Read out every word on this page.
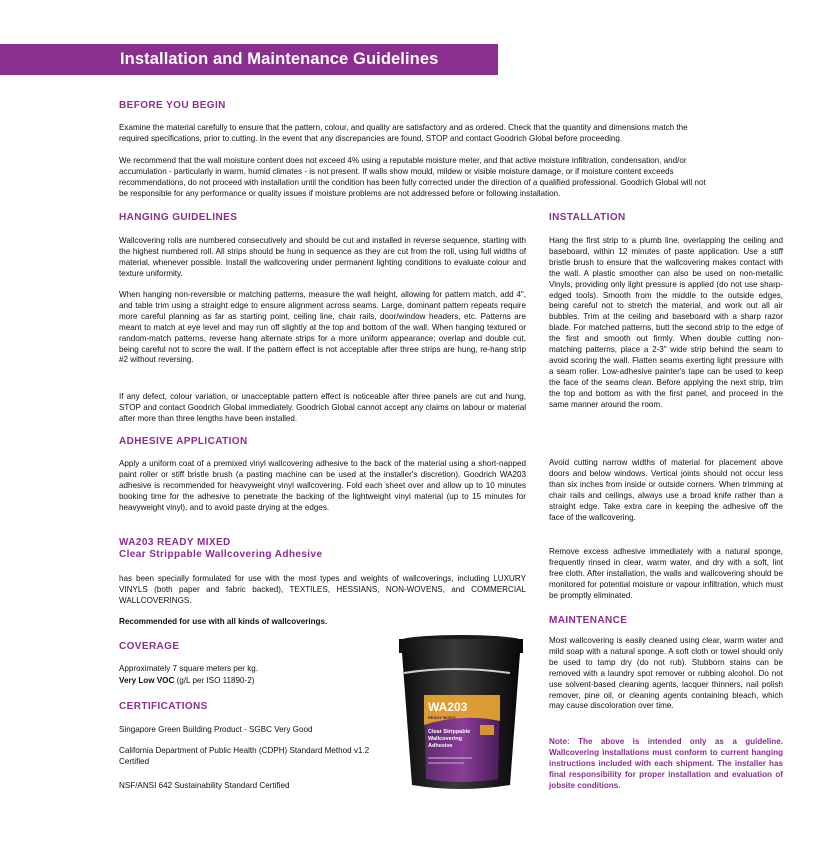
Installation and Maintenance Guidelines
BEFORE YOU BEGIN

Examine the material carefully to ensure that the pattern, colour, and quality are satisfactory and as ordered. Check that the quantity and dimensions match the required specifications, prior to cutting. In the event that any discrepancies are found, STOP and contact Goodrich Global before proceeding.

We recommend that the wall moisture content does not exceed 4% using a reputable moisture meter, and that active moisture infiltration, condensation, and/or accumulation - particularly in warm, humid climates - is not present. If walls show mould, mildew or visible moisture damage, or if moisture content exceeds recommendations, do not proceed with installation until the condition has been fully corrected under the direction of a qualified professional. Goodrich Global will not be responsible for any performance or quality issues if moisture problems are not addressed before or following installation.

HANGING GUIDELINES

Wallcovering rolls are numbered consecutively and should be cut and installed in reverse sequence, starting with the highest numbered roll. All strips should be hung in sequence as they are cut from the roll, using full widths of material, whenever possible. Install the wallcovering under permanent lighting conditions to evaluate colour and texture uniformity.

When hanging non-reversible or matching patterns, measure the wall height, allowing for pattern match, add 4", and table trim using a straight edge to ensure alignment across seams. Large, dominant pattern repeats require more careful planning as far as starting point, ceiling line, chair rails, door/window headers, etc. Patterns are meant to match at eye level and may run off slightly at the top and bottom of the wall. When hanging textured or random-match patterns, reverse hang alternate strips for a more uniform appearance; overlap and double cut, being careful not to score the wall. If the pattern effect is not acceptable after three strips are hung, re-hang strip #2 without reversing.

If any defect, colour variation, or unacceptable pattern effect is noticeable after three panels are cut and hung, STOP and contact Goodrich Global immediately. Goodrich Global cannot accept any claims on labour or material after more than three lengths have been installed.

ADHESIVE APPLICATION

Apply a uniform coat of a premixed vinyl wallcovering adhesive to the back of the material using a short-napped paint roller or stiff bristle brush (a pasting machine can be used at the installer's discretion). Goodrich WA203 adhesive is recommended for heavyweight vinyl wallcovering. Fold each sheet over and allow up to 10 minutes booking time for the adhesive to penetrate the backing of the lightweight vinyl material (up to 15 minutes for heavyweight vinyl), and to avoid paste drying at the edges.

WA203 READY MIXED
Clear Strippable Wallcovering Adhesive

has been specially formulated for use with the most types and weights of wallcoverings, including LUXURY VINYLS (both paper and fabric backed), TEXTILES, HESSIANS, NON-WOVENS, and COMMERCIAL WALLCOVERINGS.

Recommended for use with all kinds of wallcoverings.

COVERAGE

Approximately 7 square meters per kg.

Very Low VOC (g/L per ISO 11890-2)

CERTIFICATIONS

Singapore Green Building Product - SGBC Very Good

California Department of Public Health (CDPH) Standard Method v1.2 Certified

NSF/ANSI 642 Sustainability Standard Certified

WA203
READY MIXED
Clear Strippable
Wallcovering
Adhesive
INSTALLATION

Hang the first strip to a plumb line, overlapping the ceiling and baseboard, within 12 minutes of paste application. Use a stiff bristle brush to ensure that the wallcovering makes contact with the wall. A plastic smoother can also be used on non-metallic Vinyls, providing only light pressure is applied (do not use sharp-edged tools). Smooth from the middle to the outside edges, being careful not to stretch the material, and work out all air bubbles. Trim at the ceiling and baseboard with a sharp razor blade. For matched patterns, butt the second strip to the edge of the first and smooth out firmly. When double cutting non-matching patterns, place a 2-3" wide strip behind the seam to avoid scoring the wall. Flatten seams exerting light pressure with a seam roller. Low-adhesive painter's tape can be used to keep the face of the seams clean. Before applying the next strip, trim the top and bottom as with the first panel, and proceed in the same manner around the room.

Avoid cutting narrow widths of material for placement above doors and below windows. Vertical joints should not occur less than six inches from inside or outside corners. When trimming at chair rails and ceilings, always use a broad knife rather than a straight edge. Take extra care in keeping the adhesive off the face of the wallcovering.

Remove excess adhesive immediately with a natural sponge, frequently rinsed in clear, warm water, and dry with a soft, lint free cloth. After installation, the walls and wallcovering should be monitored for potential moisture or vapour infiltration, which must be promptly eliminated.

MAINTENANCE

Most wallcovering is easily cleaned using clear, warm water and mild soap with a natural sponge. A soft cloth or towel should only be used to tamp dry (do not rub). Stubborn stains can be removed with a laundry spot remover or rubbing alcohol. Do not use solvent-based cleaning agents, lacquer thinners, nail polish remover, pine oil, or cleaning agents containing bleach, which may cause discoloration over time.

Note: The above is intended only as a guideline. Wallcovering installations must conform to current hanging instructions included with each shipment. The installer has final responsibility for proper installation and evaluation of jobsite conditions.
